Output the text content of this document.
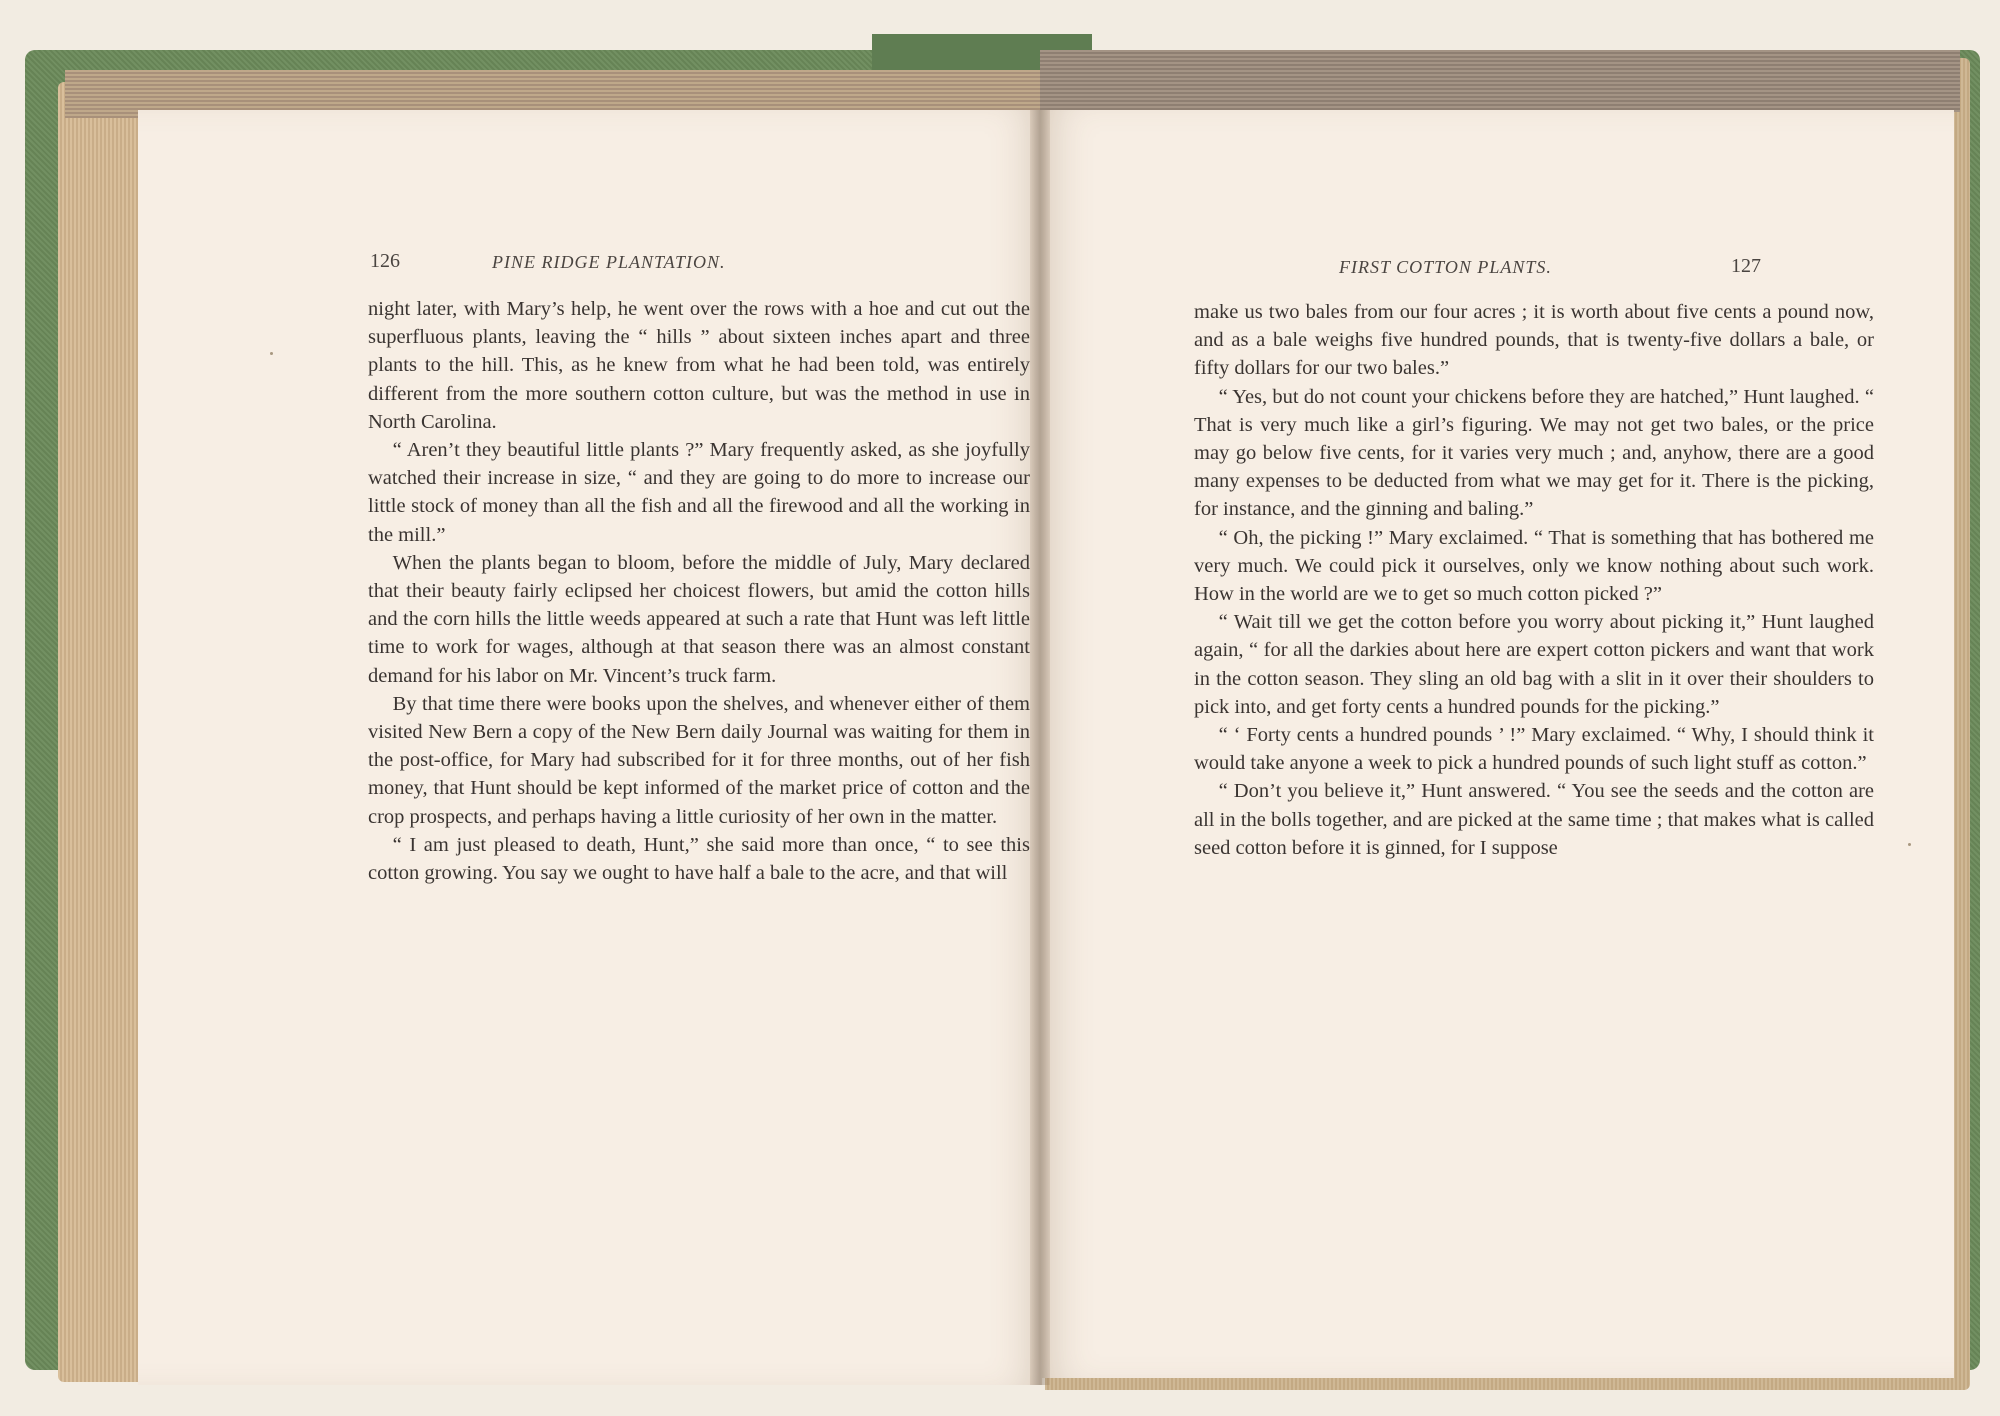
126	PINE RIDGE PLANTATION.

night later, with Mary’s help, he went over the rows with a hoe and cut out the superfluous plants, leaving the “ hills ” about sixteen inches apart and three plants to the hill. This, as he knew from what he had been told, was entirely different from the more southern cotton culture, but was the method in use in North Carolina.

“ Aren’t they beautiful little plants ?” Mary frequently asked, as she joyfully watched their increase in size, “ and they are going to do more to increase our little stock of money than all the fish and all the firewood and all the working in the mill.”

When the plants began to bloom, before the middle of July, Mary declared that their beauty fairly eclipsed her choicest flowers, but amid the cotton hills and the corn hills the little weeds appeared at such a rate that Hunt was left little time to work for wages, although at that season there was an almost constant demand for his labor on Mr. Vincent’s truck farm.

By that time there were books upon the shelves, and whenever either of them visited New Bern a copy of the New Bern daily Journal was waiting for them in the post-office, for Mary had subscribed for it for three months, out of her fish money, that Hunt should be kept informed of the market price of cotton and the crop prospects, and perhaps having a little curiosity of her own in the matter.

“ I am just pleased to death, Hunt,” she said more than once, “ to see this cotton growing. You say we ought to have half a bale to the acre, and that will

FIRST COTTON PLANTS.	127

make us two bales from our four acres ; it is worth about five cents a pound now, and as a bale weighs five hundred pounds, that is twenty-five dollars a bale, or fifty dollars for our two bales.”

“ Yes, but do not count your chickens before they are hatched,” Hunt laughed. “ That is very much like a girl’s figuring. We may not get two bales, or the price may go below five cents, for it varies very much ; and, anyhow, there are a good many expenses to be deducted from what we may get for it. There is the picking, for instance, and the ginning and baling.”

“ Oh, the picking !” Mary exclaimed. “ That is something that has bothered me very much. We could pick it ourselves, only we know nothing about such work. How in the world are we to get so much cotton picked ?”

“ Wait till we get the cotton before you worry about picking it,” Hunt laughed again, “ for all the darkies about here are expert cotton pickers and want that work in the cotton season. They sling an old bag with a slit in it over their shoulders to pick into, and get forty cents a hundred pounds for the picking.”

“ ‘ Forty cents a hundred pounds ’ !” Mary exclaimed. “ Why, I should think it would take anyone a week to pick a hundred pounds of such light stuff as cotton.”

“ Don’t you believe it,” Hunt answered. “ You see the seeds and the cotton are all in the bolls together, and are picked at the same time ; that makes what is called seed cotton before it is ginned, for I suppose
